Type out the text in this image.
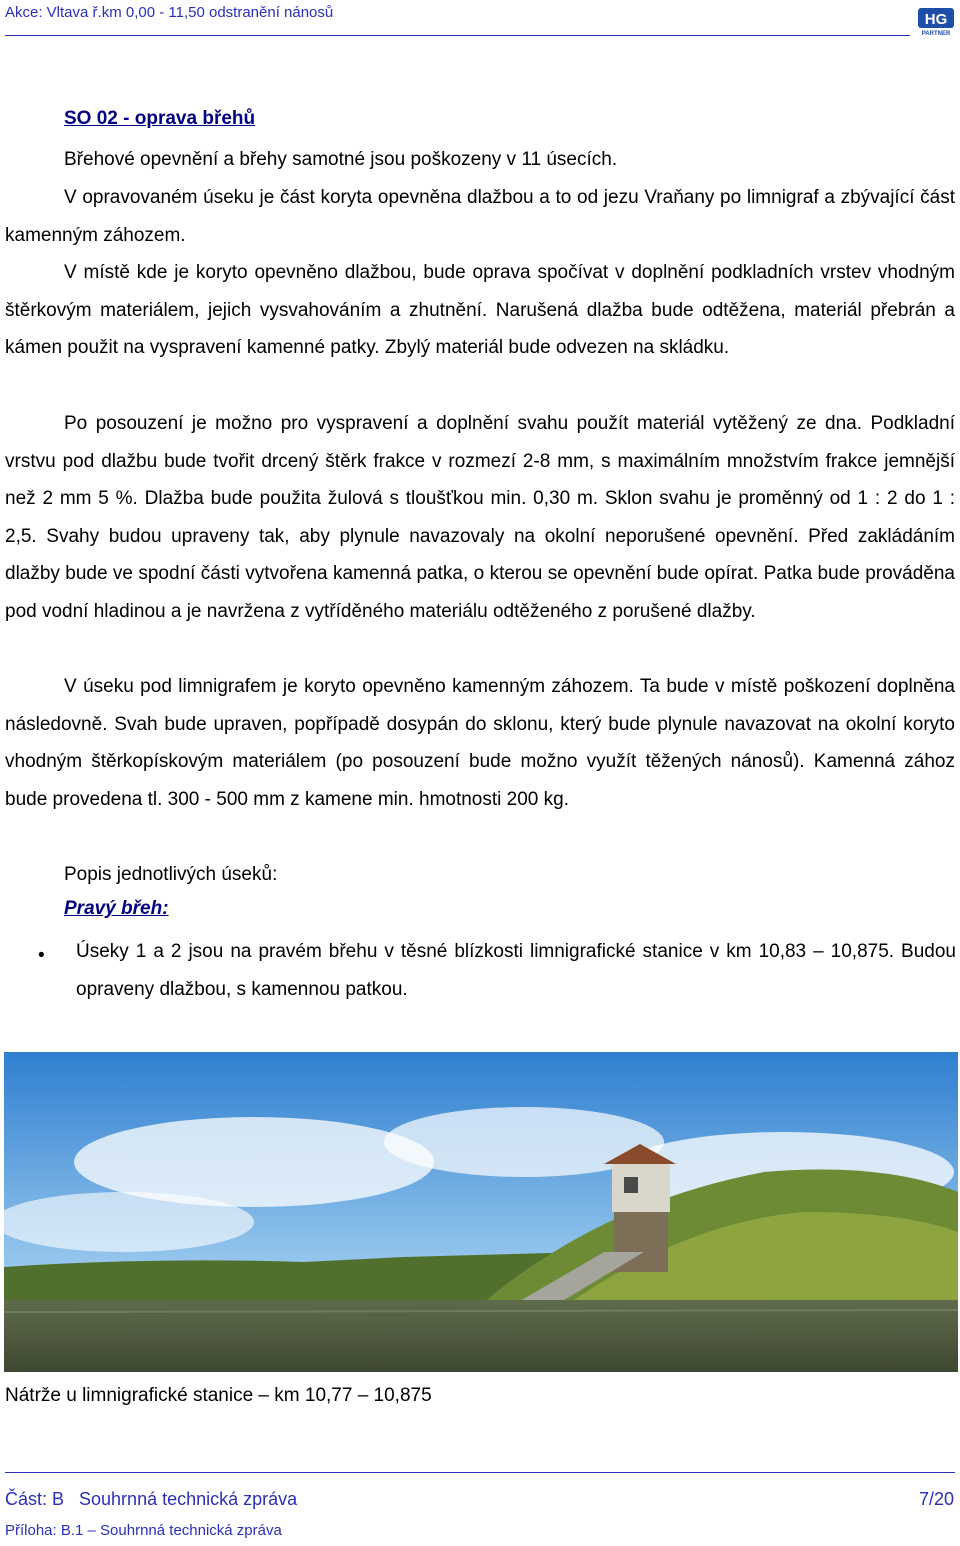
Akce: Vltava ř.km 0,00 - 11,50 odstranění nánosů	HG
PARTNER
SO 02 - oprava břehů

Břehové opevnění a břehy samotné jsou poškozeny v 11 úsecích.

V opravovaném úseku je část koryta opevněna dlažbou a to od jezu Vraňany po limnigraf a zbývající část kamenným záhozem.

V místě kde je koryto opevněno dlažbou, bude oprava spočívat v doplnění podkladních vrstev vhodným štěrkovým materiálem, jejich vysvahováním a zhutnění. Narušená dlažba bude odtěžena, materiál přebrán a kámen použit na vyspravení kamenné patky. Zbylý materiál bude odvezen na skládku.

Po posouzení je možno pro vyspravení a doplnění svahu použít materiál vytěžený ze dna. Podkladní vrstvu pod dlažbu bude tvořit drcený štěrk frakce v rozmezí 2-8 mm, s maximálním množstvím frakce jemnější než 2 mm 5 %. Dlažba bude použita žulová s tloušťkou min. 0,30 m. Sklon svahu je proměnný od 1 : 2 do 1 : 2,5. Svahy budou upraveny tak, aby plynule navazovaly na okolní neporušené opevnění. Před zakládáním dlažby bude ve spodní části vytvořena kamenná patka, o kterou se opevnění bude opírat. Patka bude prováděna pod vodní hladinou a je navržena z vytříděného materiálu odtěženého z porušené dlažby.

V úseku pod limnigrafem je koryto opevněno kamenným záhozem. Ta bude v místě poškození doplněna následovně. Svah bude upraven, popřípadě dosypán do sklonu, který bude plynule navazovat na okolní koryto vhodným štěrkopískovým materiálem (po posouzení bude možno využít těžených nánosů). Kamenná zához bude provedena tl. 300 - 500 mm z kamene min. hmotnosti 200 kg.

Popis jednotlivých úseků:

Pravý břeh:
• Úseky 1 a 2 jsou na pravém břehu v těsné blízkosti limnigrafické stanice v km 10,83 – 10,875. Budou opraveny dlažbou, s kamennou patkou.

Nátrže u limnigrafické stanice – km 10,77 – 10,875
Část: B   Souhrnná technická zpráva	7/20
Příloha: B.1 – Souhrnná technická zpráva
